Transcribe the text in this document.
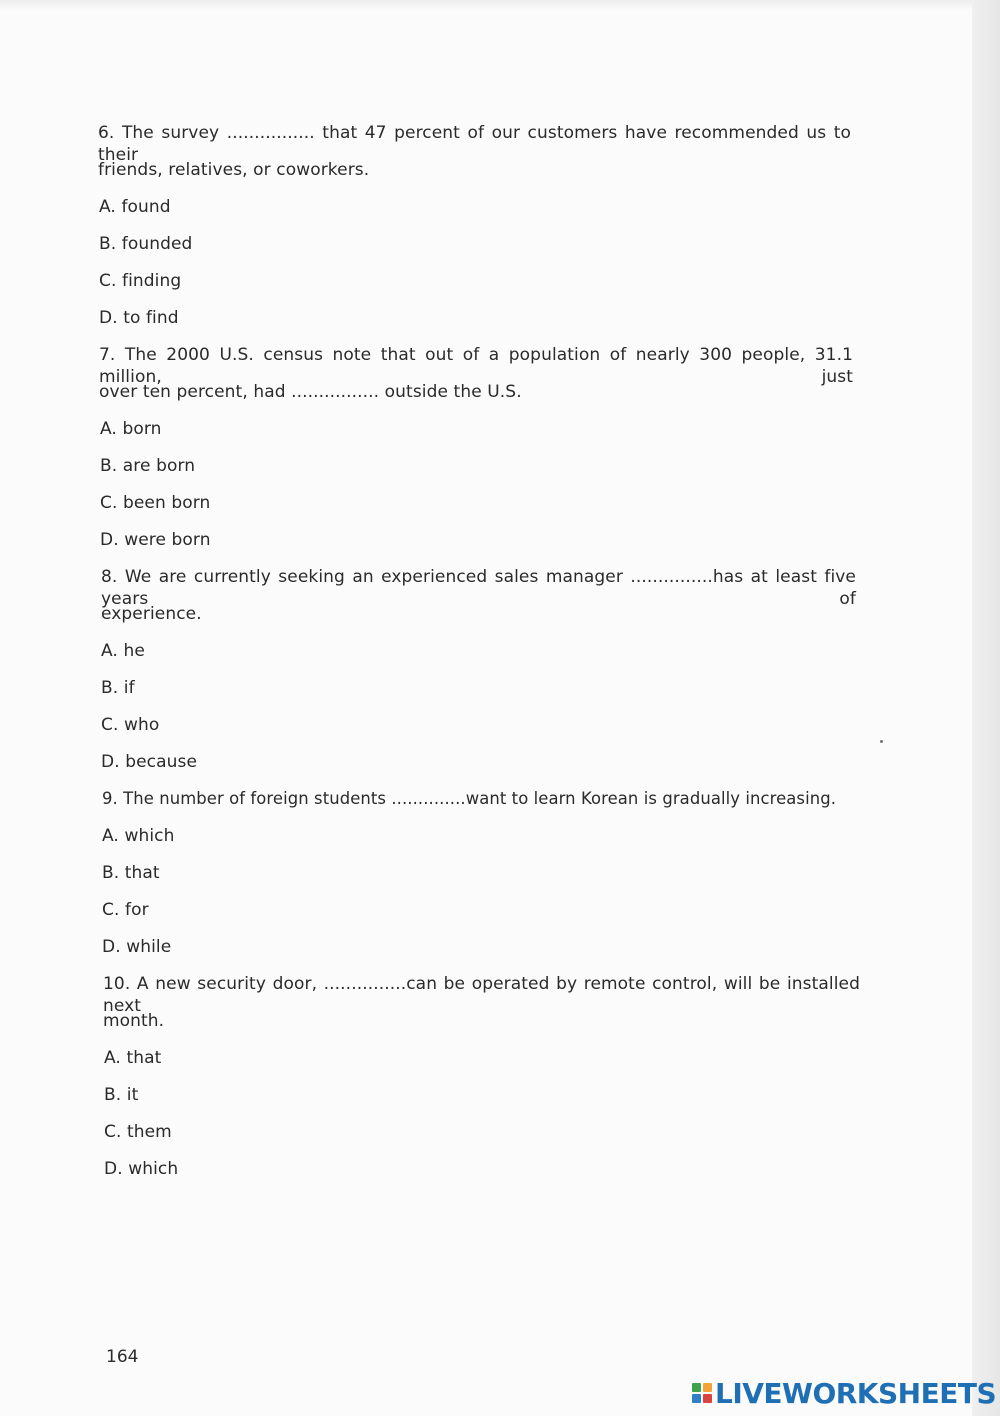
6. The survey ................ that 47 percent of our customers have recommended us to their
friends, relatives, or coworkers.
A. found
B. founded
C. finding
D. to find
7. The 2000 U.S. census note that out of a population of nearly 300 people, 31.1 million, just
over ten percent, had ................ outside the U.S.
A. born
B. are born
C. been born
D. were born
8. We are currently seeking an experienced sales manager ...............has at least five years of
experience.
A. he
B. if
C. who
D. because
9. The number of foreign students ..............want to learn Korean is gradually increasing.
A. which
B. that
C. for
D. while
10. A new security door, ...............can be operated by remote control, will be installed next
month.
A. that
B. it
C. them
D. which
164
LIVEWORKSHEETS
